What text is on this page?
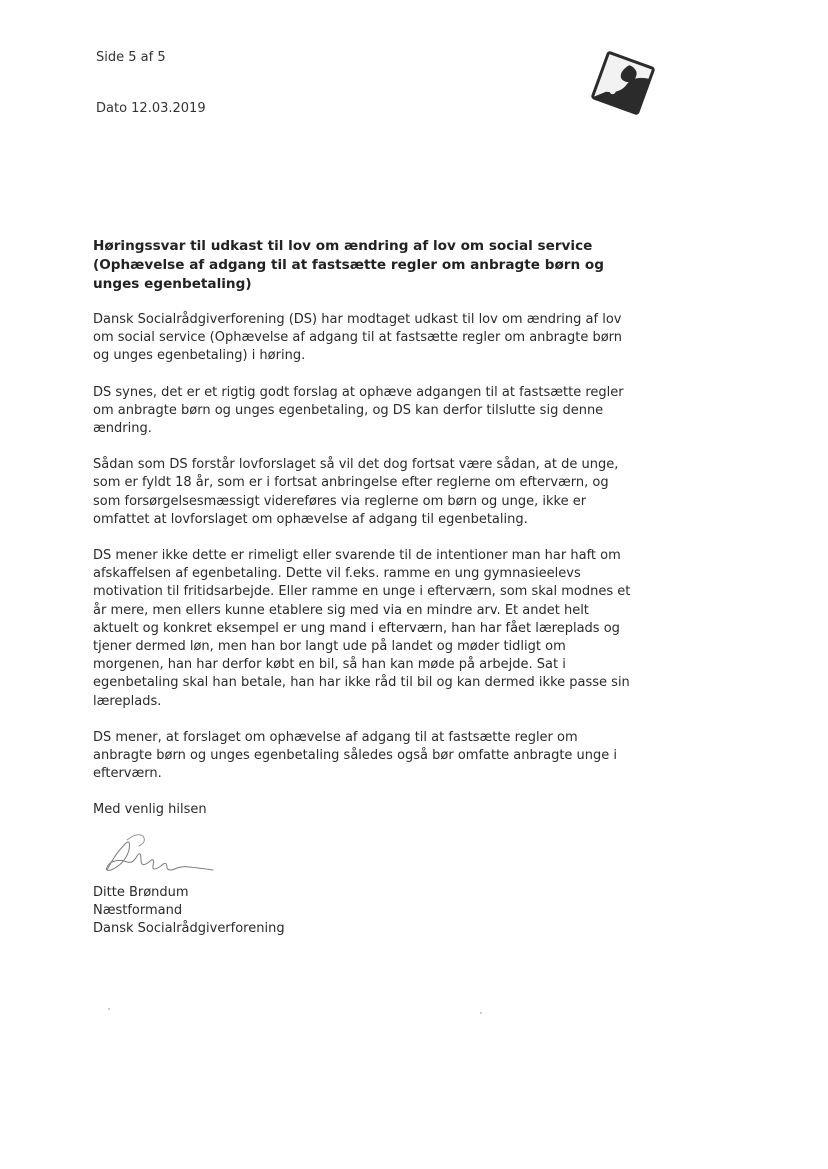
Side 5 af 5
Dato 12.03.2019

Høringssvar til udkast til lov om ændring af lov om social service (Ophævelse af adgang til at fastsætte regler om anbragte børn og unges egenbetaling)

Dansk Socialrådgiverforening (DS) har modtaget udkast til lov om ændring af lov om social service (Ophævelse af adgang til at fastsætte regler om anbragte børn og unges egenbetaling) i høring.

DS synes, det er et rigtig godt forslag at ophæve adgangen til at fastsætte regler om anbragte børn og unges egenbetaling, og DS kan derfor tilslutte sig denne ændring.

Sådan som DS forstår lovforslaget så vil det dog fortsat være sådan, at de unge, som er fyldt 18 år, som er i fortsat anbringelse efter reglerne om efterværn, og som forsørgelsesmæssigt videreføres via reglerne om børn og unge, ikke er omfattet at lovforslaget om ophævelse af adgang til egenbetaling.

DS mener ikke dette er rimeligt eller svarende til de intentioner man har haft om afskaffelsen af egenbetaling. Dette vil f.eks. ramme en ung gymnasieelevs motivation til fritidsarbejde. Eller ramme en unge i efterværn, som skal modnes et år mere, men ellers kunne etablere sig med via en mindre arv. Et andet helt aktuelt og konkret eksempel er ung mand i efterværn, han har fået læreplads og tjener dermed løn, men han bor langt ude på landet og møder tidligt om morgenen, han har derfor købt en bil, så han kan møde på arbejde. Sat i egenbetaling skal han betale, han har ikke råd til bil og kan dermed ikke passe sin læreplads.

DS mener, at forslaget om ophævelse af adgang til at fastsætte regler om anbragte børn og unges egenbetaling således også bør omfatte anbragte unge i efterværn.

Med venlig hilsen

Ditte Brøndum

Næstformand

Dansk Socialrådgiverforening
